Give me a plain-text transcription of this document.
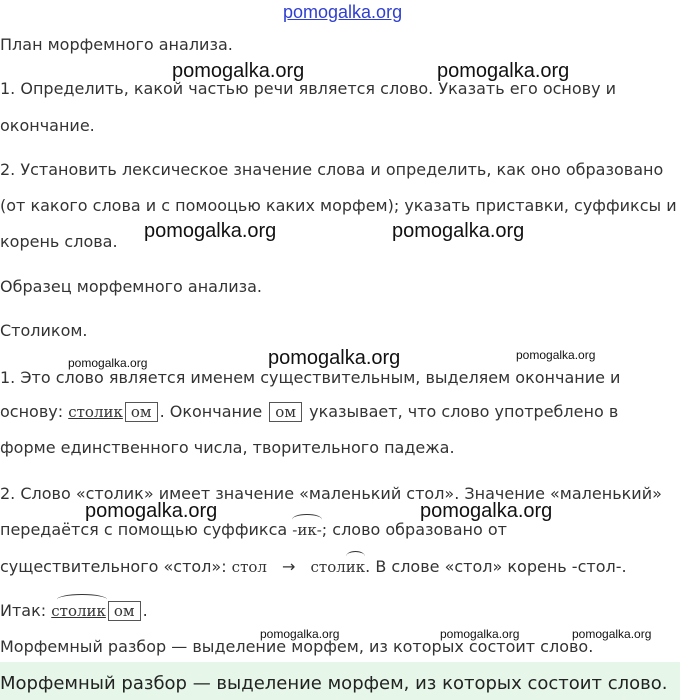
pomogalka.org
План морфемного анализа.
1. Определить, какой частью речи является слово. Указать его основу и
окончание.
2. Установить лексическое значение слова и определить, как оно образовано
(от какого слова и с помооцью каких морфем); указать приставки, суффиксы и
корень слова.
Образец морфемного анализа.
Столиком.
1. Это слово является именем существительным, выделяем окончание и
основу: столик ом . Окончание ом указывает, что слово употреблено в
форме единственного числа, творительного падежа.
2. Слово «столик» имеет значение «маленький стол». Значение «маленький»
передаётся с помощью суффикса -ик-; слово образовано от
существительного «стол»: стол → стол
ик. В слове «стол» корень -стол-.
Итак: столик ом .
Морфемный разбор — выделение морфем, из которых состоит слово.
Морфемный разбор — выделение морфем, из которых состоит слово.
pomogalka.org	pomogalka.org
pomogalka.org	pomogalka.org
pomogalka.org	pomogalka.org	pomogalka.org
pomogalka.org	pomogalka.org
pomogalka.org	pomogalka.org	pomogalka.org
